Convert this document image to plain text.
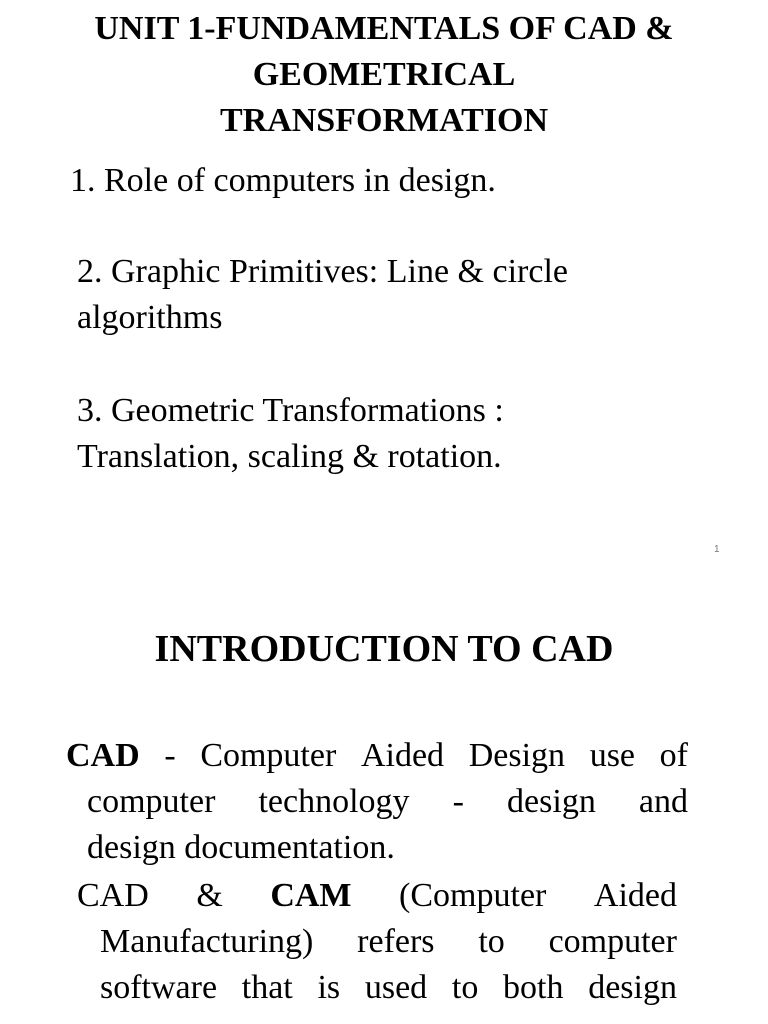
UNIT 1-FUNDAMENTALS OF CAD &
GEOMETRICAL
TRANSFORMATION

1. Role of computers in design.

2. Graphic Primitives: Line & circle
algorithms

3. Geometric Transformations :
Translation, scaling & rotation.

1
INTRODUCTION TO CAD

CAD - Computer Aided Design use of
computer technology - design and
design documentation.

CAD & CAM (Computer Aided
Manufacturing) refers to computer
software that is used to both design
